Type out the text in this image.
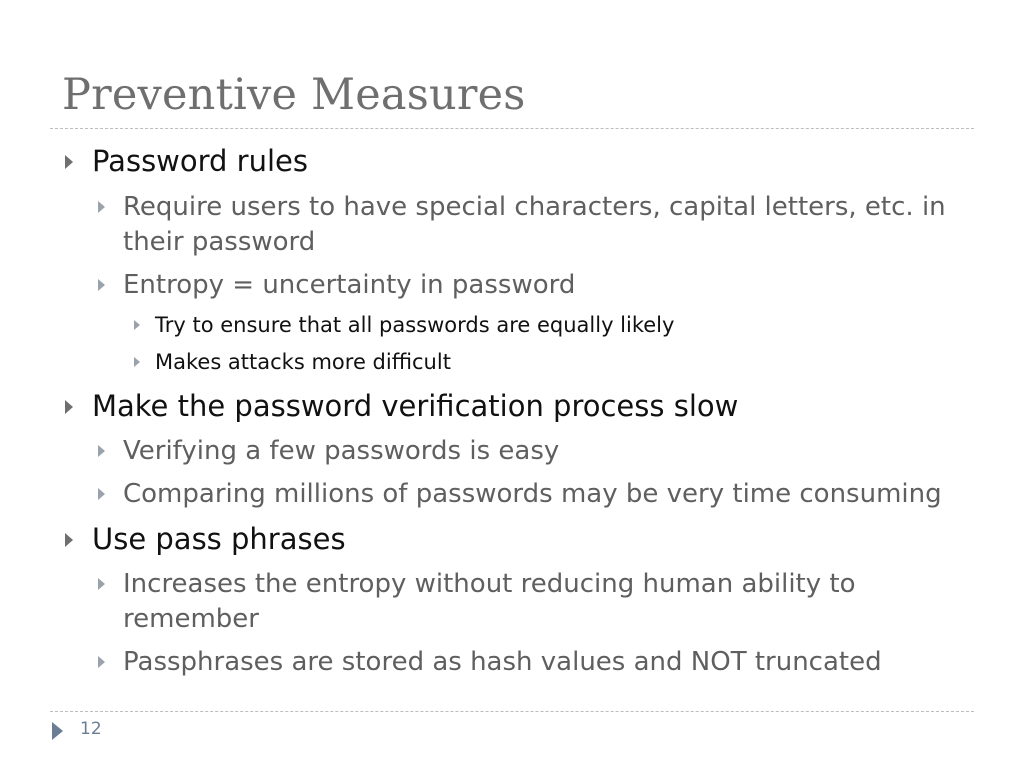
Preventive Measures
Password rules
Require users to have special characters, capital letters, etc. in
their password
Entropy = uncertainty in password
Try to ensure that all passwords are equally likely
Makes attacks more difficult
Make the password verification process slow
Verifying a few passwords is easy
Comparing millions of passwords may be very time consuming
Use pass phrases
Increases the entropy without reducing human ability to
remember
Passphrases are stored as hash values and NOT truncated
12
